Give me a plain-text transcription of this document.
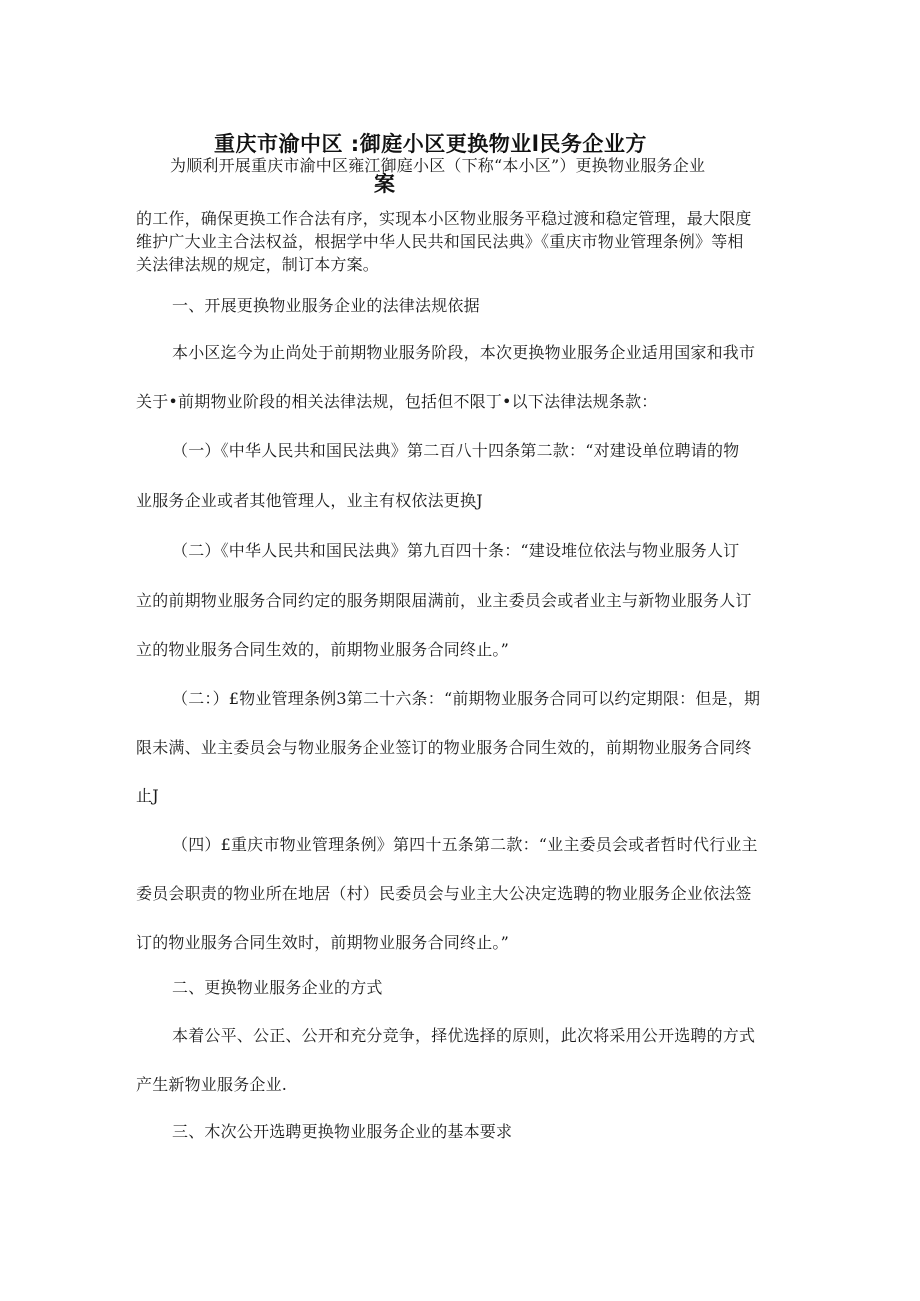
重庆市渝中区 :御庭小区更换物业l民务企业方
案
为顺利开展重庆市渝中区雍江御庭小区（下称“本小区”）更换物业服务企业
的工作，确保更换工作合法有序，实现本小区物业服务平稳过渡和稳定管理，最大限度
维护广大业主合法权益，根据学中华人民共和国民法典》《重庆市物业管理条例》等相
关法律法规的规定，制订本方案。
一、开展更换物业服务企业的法律法规依据
本小区迄今为止尚处于前期物业服务阶段，本次更换物业服务企业适用国家和我市
关于•前期物业阶段的相关法律法规，包括但不限丁•以下法律法规条款：
（一）《中华人民共和国民法典》第二百八十四条第二款：“对建设单位聘请的物
业服务企业或者其他管理人，业主有权依法更换J
（二）《中华人民共和国民法典》第九百四十条：“建设堆位依法与物业服务人订
立的前期物业服务合同约定的服务期限届满前，业主委员会或者业主与新物业服务人订
立的物业服务合同生效的，前期物业服务合同终止。”
（二：）£物业管理条例3第二十六条：“前期物业服务合同可以约定期限：但是，期
限未满、业主委员会与物业服务企业签订的物业服务合同生效的，前期物业服务合同终
止J
（四）£重庆市物业管理条例》第四十五条第二款：“业主委员会或者哲时代行业主
委员会职责的物业所在地居（村）民委员会与业主大公决定选聘的物业服务企业依法签
订的物业服务合同生效时，前期物业服务合同终止。”
二、更换物业服务企业的方式
本着公平、公正、公开和充分竞争，择优选择的原则，此次将采用公开选聘的方式
产生新物业服务企业.
三、木次公开选聘更换物业服务企业的基本要求
